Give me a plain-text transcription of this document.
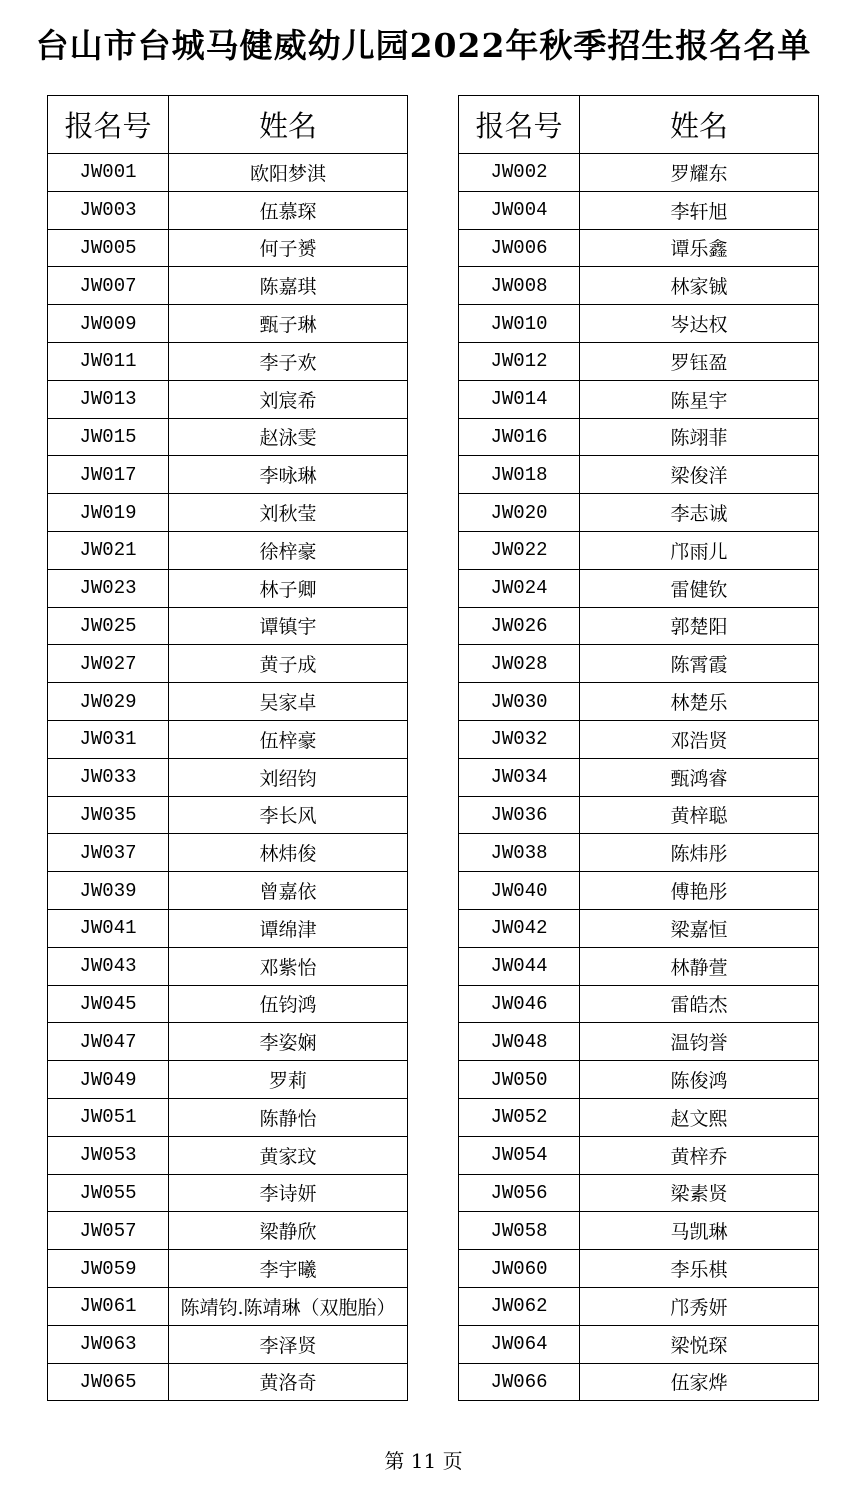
台山市台城马健威幼儿园2022年秋季招生报名名单
报名号	姓名
JW001	欧阳梦淇
JW003	伍慕琛
JW005	何子赟
JW007	陈嘉琪
JW009	甄子琳
JW011	李子欢
JW013	刘宸希
JW015	赵泳雯
JW017	李咏琳
JW019	刘秋莹
JW021	徐梓豪
JW023	林子卿
JW025	谭镇宇
JW027	黄子成
JW029	吴家卓
JW031	伍梓豪
JW033	刘绍钧
JW035	李长风
JW037	林炜俊
JW039	曾嘉依
JW041	谭绵津
JW043	邓紫怡
JW045	伍钧鸿
JW047	李姿娴
JW049	罗莉
JW051	陈静怡
JW053	黄家玟
JW055	李诗妍
JW057	梁静欣
JW059	李宇曦
JW061	陈靖钧.陈靖琳（双胞胎）
JW063	李泽贤
JW065	黄洛奇
报名号	姓名
JW002	罗耀东
JW004	李轩旭
JW006	谭乐鑫
JW008	林家铖
JW010	岑达权
JW012	罗钰盈
JW014	陈星宇
JW016	陈翊菲
JW018	梁俊洋
JW020	李志诚
JW022	邝雨儿
JW024	雷健钦
JW026	郭楚阳
JW028	陈霄霞
JW030	林楚乐
JW032	邓浩贤
JW034	甄鸿睿
JW036	黄梓聪
JW038	陈炜彤
JW040	傅艳彤
JW042	梁嘉恒
JW044	林静萱
JW046	雷皓杰
JW048	温钧誉
JW050	陈俊鸿
JW052	赵文熙
JW054	黄梓乔
JW056	梁素贤
JW058	马凯琳
JW060	李乐棋
JW062	邝秀妍
JW064	梁悦琛
JW066	伍家烨
第 11 页
